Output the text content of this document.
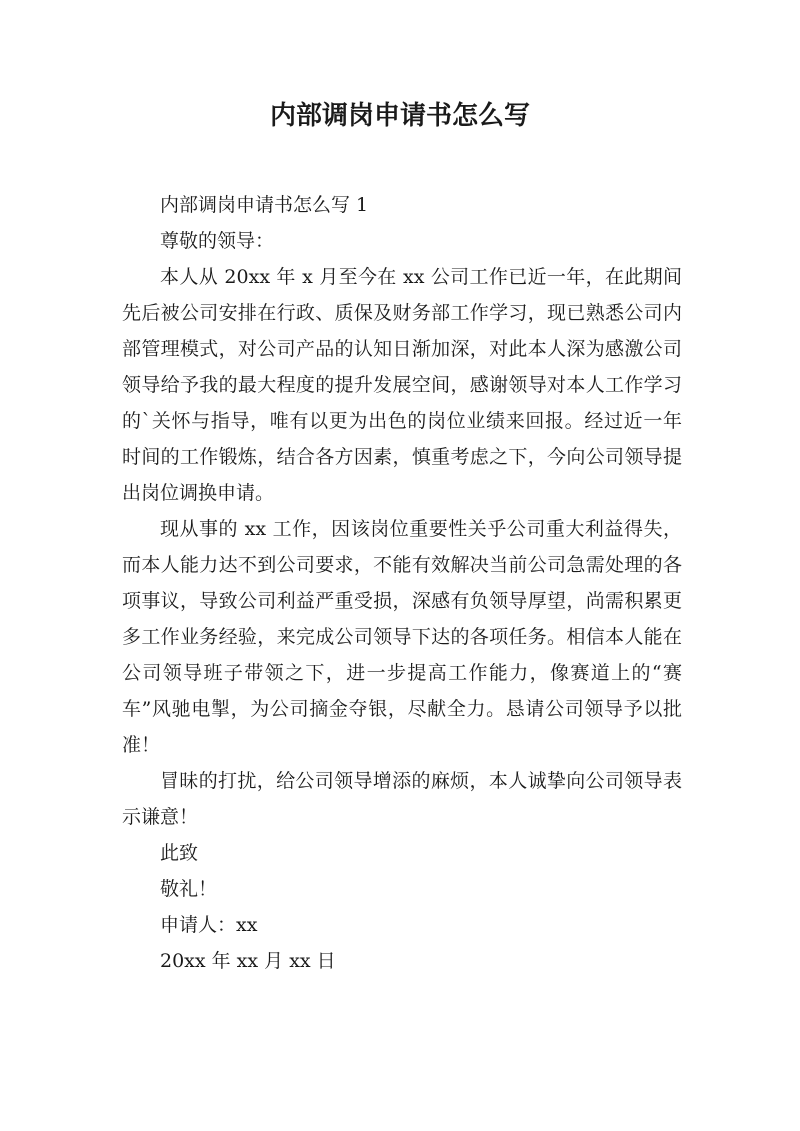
内部调岗申请书怎么写

内部调岗申请书怎么写 1

尊敬的领导：

本人从 20xx 年 x 月至今在 xx 公司工作已近一年，在此期间先后被公司安排在行政、质保及财务部工作学习，现已熟悉公司内部管理模式，对公司产品的认知日渐加深，对此本人深为感激公司领导给予我的最大程度的提升发展空间，感谢领导对本人工作学习的`关怀与指导，唯有以更为出色的岗位业绩来回报。经过近一年时间的工作锻炼，结合各方因素，慎重考虑之下，今向公司领导提出岗位调换申请。

现从事的 xx 工作，因该岗位重要性关乎公司重大利益得失，而本人能力达不到公司要求，不能有效解决当前公司急需处理的各项事议，导致公司利益严重受损，深感有负领导厚望，尚需积累更多工作业务经验，来完成公司领导下达的各项任务。相信本人能在公司领导班子带领之下，进一步提高工作能力，像赛道上的“赛车”风驰电掣，为公司摘金夺银，尽献全力。恳请公司领导予以批准！

冒昧的打扰，给公司领导增添的麻烦，本人诚挚向公司领导表示谦意！

此致

敬礼！

申请人：xx

20xx 年 xx 月 xx 日
